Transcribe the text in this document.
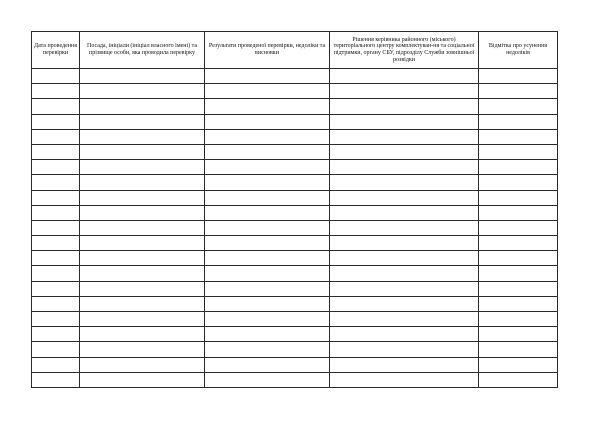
Дата проведення перевірки	Посада, ініціали (ініціал власного імені) та прізвище особи, яка проводила перевірку	Результати проведеної перевірки, недоліки та висновки	Рішення керівника районного (міського) територіального центру комплектуван-ня та соціальної підтримки, органу СБУ, підрозділу Служби зовнішньої розвідки	Відмітка про усунення недоліків
